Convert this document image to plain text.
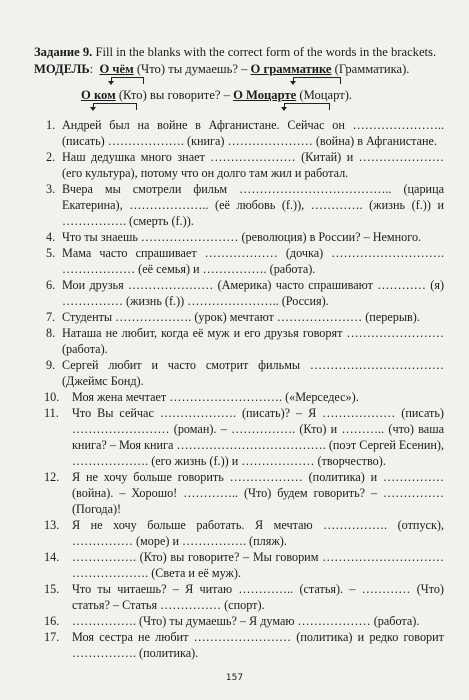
Задание 9. Fill in the blanks with the correct form of the words in the brackets.
МОДЕЛЬ: О чём (Что) ты думаешь? – О грамматике (Грамматика).
О ком (Кто) вы говорите? – О Моцарте (Моцарт).

1. Андрей был на войне в Афганистане. Сейчас он ………………….. (писать) ………………. (книга) ………………… (война) в Афганистане.

2. Наш дедушка много знает ………………… (Китай) и ………………… (его культура), потому что он долго там жил и работал.

3. Вчера мы смотрели фильм ……………………………….. (царица Екатерина), ……………….. (её любовь (f.)), …………. (жизнь (f.)) и ……………. (смерть (f.)).

4. Что ты знаешь …………………… (революция) в России? – Немного.

5. Мама часто спрашивает ……………… (дочка) ………………………. ……………… (её семья) и ……………. (работа).

6. Мои друзья ………………… (Америка) часто спрашивают ………… (я) …………… (жизнь (f.)) ………………….. (Россия).

7. Студенты ………………. (урок) мечтают ………………… (перерыв).

8. Наташа не любит, когда её муж и его друзья говорят …………………… (работа).

9. Сергей любит и часто смотрит фильмы …………………………… (Джеймс Бонд).

10. Моя жена мечтает ………………………. («Мерседес»).

11. Что Вы сейчас ………………. (писать)? – Я ……………… (писать) …………………… (роман). – ……………. (Кто) и ……….. (что) ваша книга? – Моя книга ………………………………. (поэт Сергей Есенин), ………………. (его жизнь (f.)) и ……………… (творчество).

12. Я не хочу больше говорить ……………… (политика) и …………… (война). – Хорошо! ………….. (Что) будем говорить? – …………… (Погода)!

13. Я не хочу больше работать. Я мечтаю ……………. (отпуск), …………… (море) и ……………. (пляж).

14. ……………. (Кто) вы говорите? – Мы говорим ………………………… ………………. (Света и её муж).

15. Что ты читаешь? – Я читаю ………….. (статья). – ………… (Что) статья? – Статья …………… (спорт).

16. ……………. (Что) ты думаешь? – Я думаю ……………… (работа).

17. Моя сестра не любит …………………… (политика) и редко говорит ……………. (политика).

157
